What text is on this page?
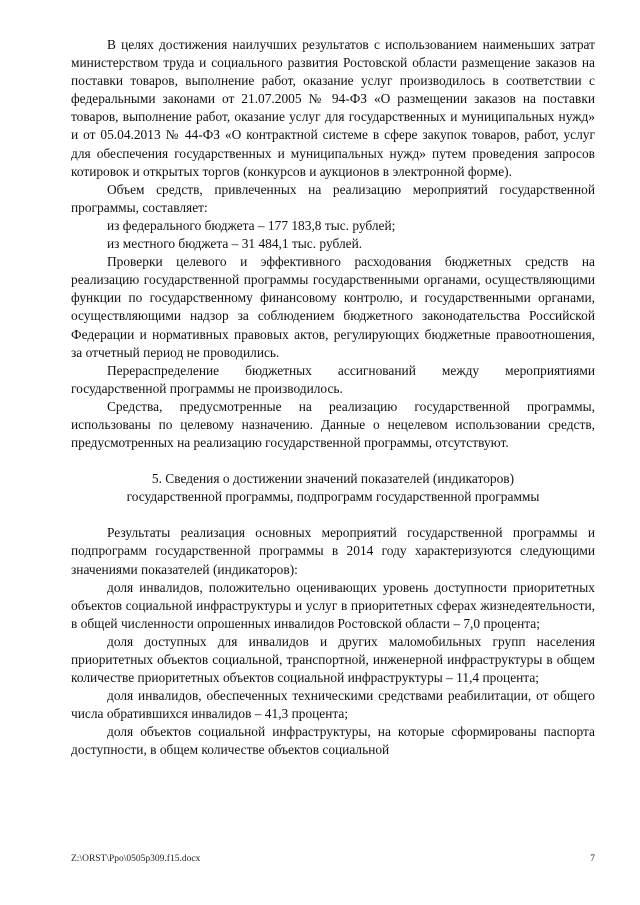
В целях достижения наилучших результатов с использованием наименьших затрат министерством труда и социального развития Ростовской области размещение заказов на поставки товаров, выполнение работ, оказание услуг производилось в соответствии с федеральными законами от 21.07.2005 № 94-ФЗ «О размещении заказов на поставки товаров, выполнение работ, оказание услуг для государственных и муниципальных нужд» и от 05.04.2013 № 44-ФЗ «О контрактной системе в сфере закупок товаров, работ, услуг для обеспечения государственных и муниципальных нужд» путем проведения запросов котировок и открытых торгов (конкурсов и аукционов в электронной форме).

Объем средств, привлеченных на реализацию мероприятий государственной программы, составляет:

из федерального бюджета – 177 183,8 тыс. рублей;

из местного бюджета – 31 484,1 тыс. рублей.

Проверки целевого и эффективного расходования бюджетных средств на реализацию государственной программы государственными органами, осуществляющими функции по государственному финансовому контролю, и государственными органами, осуществляющими надзор за соблюдением бюджетного законодательства Российской Федерации и нормативных правовых актов, регулирующих бюджетные правоотношения, за отчетный период не проводились.

Перераспределение бюджетных ассигнований между мероприятиями государственной программы не производилось.

Средства, предусмотренные на реализацию государственной программы, использованы по целевому назначению. Данные о нецелевом использовании средств, предусмотренных на реализацию государственной программы, отсутствуют.

5. Сведения о достижении значений показателей (индикаторов)
государственной программы, подпрограмм государственной программы

Результаты реализация основных мероприятий государственной программы и подпрограмм государственной программы в 2014 году характеризуются следующими значениями показателей (индикаторов):

доля инвалидов, положительно оценивающих уровень доступности приоритетных объектов социальной инфраструктуры и услуг в приоритетных сферах жизнедеятельности, в общей численности опрошенных инвалидов Ростовской области – 7,0 процента;

доля доступных для инвалидов и других маломобильных групп населения приоритетных объектов социальной, транспортной, инженерной инфраструктуры в общем количестве приоритетных объектов социальной инфраструктуры – 11,4 процента;

доля инвалидов, обеспеченных техническими средствами реабилитации, от общего числа обратившихся инвалидов – 41,3 процента;

доля объектов социальной инфраструктуры, на которые сформированы паспорта доступности, в общем количестве объектов социальной

Z:\ORST\Ppo\0505p309.f15.docx	7
